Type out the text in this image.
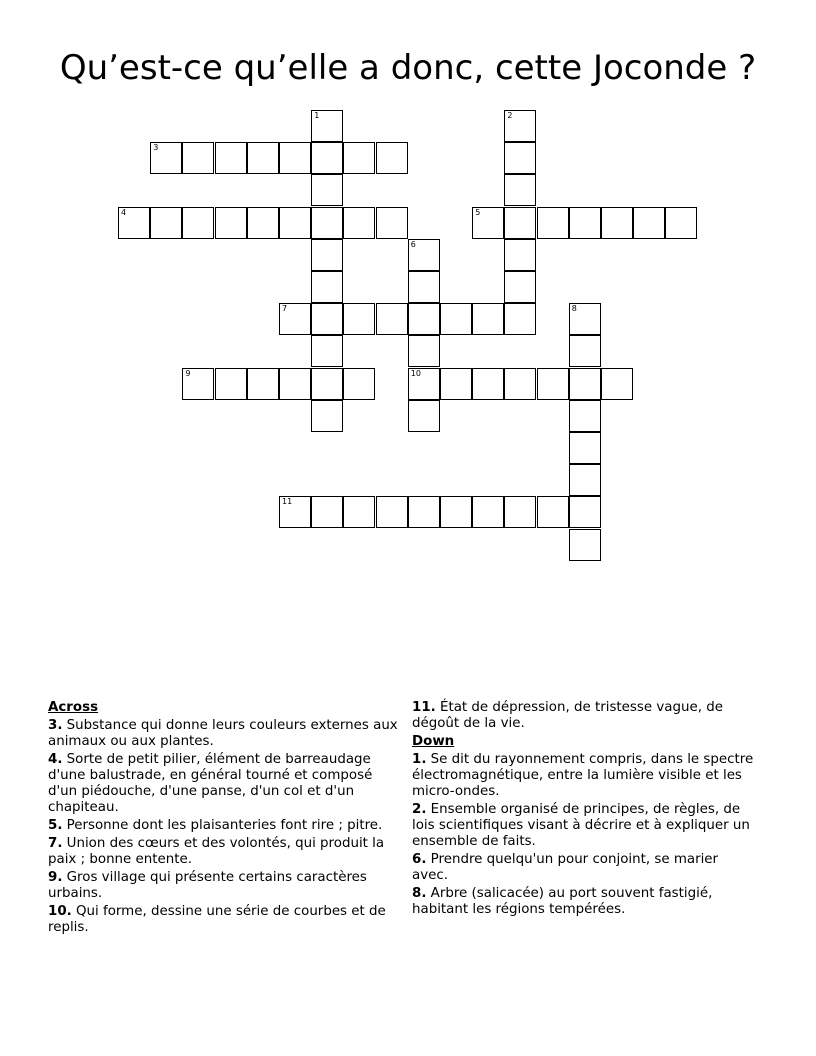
Qu’est-ce qu’elle a donc, cette Joconde ?
1	2
3
4	5
6
10
7	8
9
11
Across
3. Substance qui donne leurs couleurs externes aux animaux ou aux plantes.
4. Sorte de petit pilier, élément de barreaudage d'une balustrade, en général tourné et composé d'un piédouche, d'une panse, d'un col et d'un chapiteau.
5. Personne dont les plaisanteries font rire ; pitre.
7. Union des cœurs et des volontés, qui produit la paix ; bonne entente.
9. Gros village qui présente certains caractères urbains.
10. Qui forme, dessine une série de courbes et de replis.
11. État de dépression, de tristesse vague, de dégoût de la vie.
Down
1. Se dit du rayonnement compris, dans le spectre électromagnétique, entre la lumière visible et les micro-ondes.
2. Ensemble organisé de principes, de règles, de lois scientifiques visant à décrire et à expliquer un ensemble de faits.
6. Prendre quelqu'un pour conjoint, se marier avec.
8. Arbre (salicacée) au port souvent fastigié, habitant les régions tempérées.
